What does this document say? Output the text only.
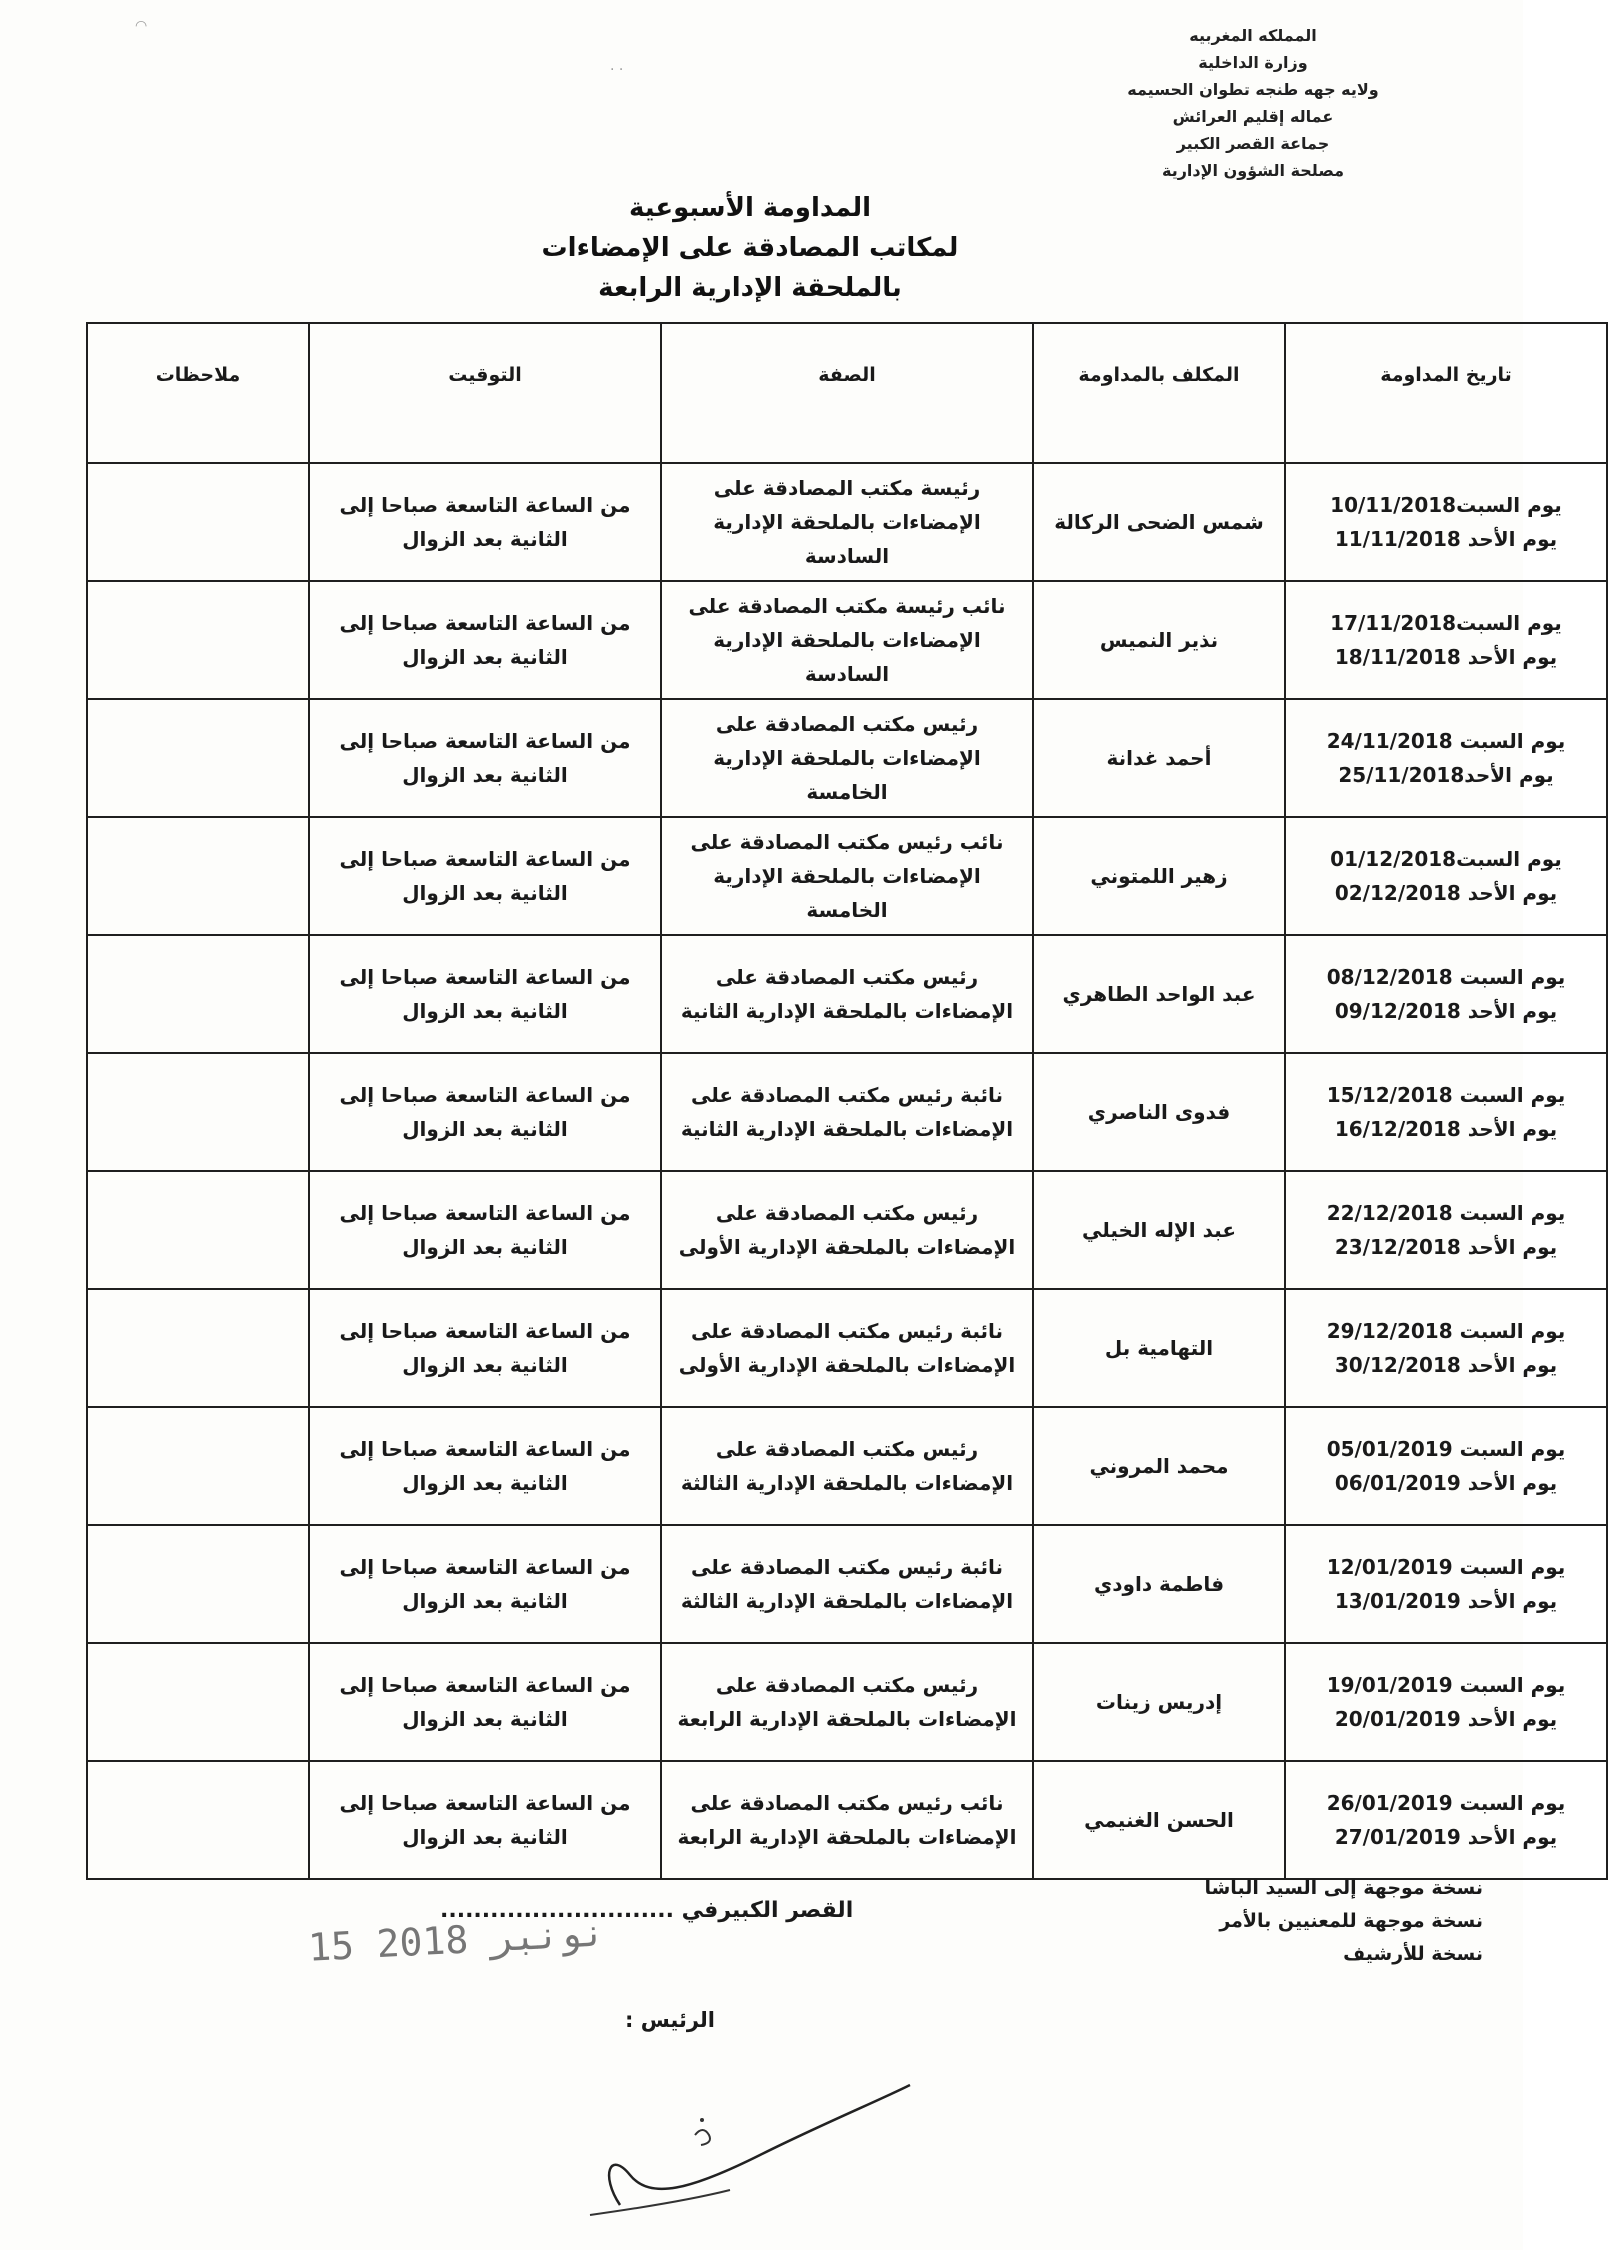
◠
· ·
المملكه المغربيه
وزارة الداخلية
ولايه جهه طنجه تطوان الحسيمه
عماله إقليم العرائش
جماعة القصر الكبير
مصلحة الشؤون الإدارية
المداومة الأسبوعية
لمكاتب المصادقة على الإمضاءات
بالملحقة الإدارية الرابعة
تاريخ المداومة	المكلف بالمداومة	الصفة	التوقيت	ملاحظات

يوم السبت10/11/2018
يوم الأحد 11/11/2018	شمس الضحى الركالة	رئيسة مكتب المصادقة على الإمضاءات بالملحقة الإدارية السادسة	من الساعة التاسعة صباحا إلى الثانية بعد الزوال	

يوم السبت17/11/2018
يوم الأحد 18/11/2018	نذير النميس	نائب رئيسة مكتب المصادقة على الإمضاءات بالملحقة الإدارية السادسة	من الساعة التاسعة صباحا إلى الثانية بعد الزوال	

يوم السبت 24/11/2018
يوم الأحد25/11/2018	أحمد غدانة	رئيس مكتب المصادقة على الإمضاءات بالملحقة الإدارية الخامسة	من الساعة التاسعة صباحا إلى الثانية بعد الزوال	

يوم السبت01/12/2018
يوم الأحد 02/12/2018	زهير اللمتوني	نائب رئيس مكتب المصادقة على الإمضاءات بالملحقة الإدارية الخامسة	من الساعة التاسعة صباحا إلى الثانية بعد الزوال	

يوم السبت 08/12/2018
يوم الأحد 09/12/2018	عبد الواحد الطاهري	رئيس مكتب المصادقة على الإمضاءات بالملحقة الإدارية الثانية	من الساعة التاسعة صباحا إلى الثانية بعد الزوال	

يوم السبت 15/12/2018
يوم الأحد 16/12/2018	فدوى الناصري	نائبة رئيس مكتب المصادقة على الإمضاءات بالملحقة الإدارية الثانية	من الساعة التاسعة صباحا إلى الثانية بعد الزوال	

يوم السبت 22/12/2018
يوم الأحد 23/12/2018	عبد الإله الخيلي	رئيس مكتب المصادقة على الإمضاءات بالملحقة الإدارية الأولى	من الساعة التاسعة صباحا إلى الثانية بعد الزوال	

يوم السبت 29/12/2018
يوم الأحد 30/12/2018	التهامية بل	نائبة رئيس مكتب المصادقة على الإمضاءات بالملحقة الإدارية الأولى	من الساعة التاسعة صباحا إلى الثانية بعد الزوال	

يوم السبت 05/01/2019
يوم الأحد 06/01/2019	محمد المروني	رئيس مكتب المصادقة على الإمضاءات بالملحقة الإدارية الثالثة	من الساعة التاسعة صباحا إلى الثانية بعد الزوال	

يوم السبت 12/01/2019
يوم الأحد 13/01/2019	فاطمة داودي	نائبة رئيس مكتب المصادقة على الإمضاءات بالملحقة الإدارية الثالثة	من الساعة التاسعة صباحا إلى الثانية بعد الزوال	

يوم السبت 19/01/2019
يوم الأحد 20/01/2019	إدريس زينات	رئيس مكتب المصادقة على الإمضاءات بالملحقة الإدارية الرابعة	من الساعة التاسعة صباحا إلى الثانية بعد الزوال	

يوم السبت 26/01/2019
يوم الأحد 27/01/2019	الحسن الغنيمي	نائب رئيس مكتب المصادقة على الإمضاءات بالملحقة الإدارية الرابعة	من الساعة التاسعة صباحا إلى الثانية بعد الزوال	
نسخة موجهة إلى السيد الباشا
نسخة موجهة للمعنيين بالأمر
نسخة للأرشيف
القصر الكبيرفي ............................
15 نونبر 2018
الرئيس :
